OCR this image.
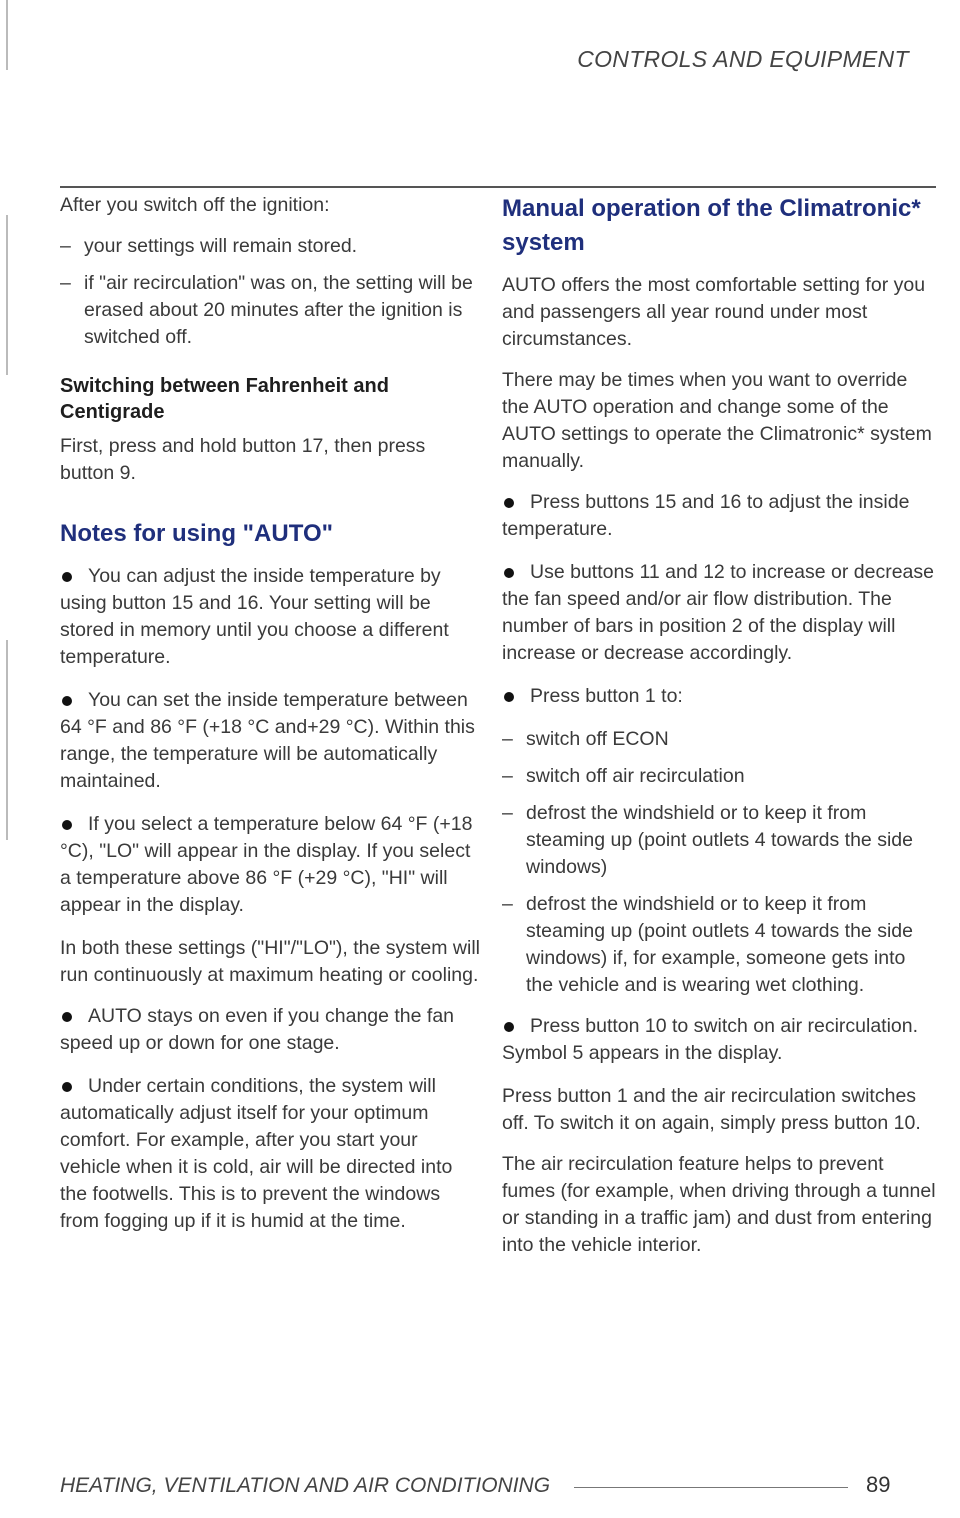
CONTROLS AND EQUIPMENT

After you switch off the ignition:

– your settings will remain stored.
– if "air recirculation" was on, the setting will be erased about 20 minutes after the ignition is switched off.
Switching between Fahrenheit and Centigrade

First, press and hold button 17, then press button 9.

Notes for using "AUTO"
You can adjust the inside temperature by using button 15 and 16. Your setting will be stored in memory until you choose a different temperature.
You can set the inside temperature between 64 °F and 86 °F (+18 °C and+29 °C). Within this range, the temperature will be automatically maintained.
If you select a temperature below 64 °F (+18 °C), "LO" will appear in the display. If you select a temperature above 86 °F (+29 °C), "HI" will appear in the display.

In both these settings ("HI"/"LO"), the system will run continuously at maximum heating or cooling.

AUTO stays on even if you change the fan speed up or down for one stage.
Under certain conditions, the system will automatically adjust itself for your optimum comfort. For example, after you start your vehicle when it is cold, air will be directed into the footwells. This is to prevent the windows from fogging up if it is humid at the time.
Manual operation of the Climatronic* system

AUTO offers the most comfortable setting for you and passengers all year round under most circumstances.

There may be times when you want to override the AUTO operation and change some of the AUTO settings to operate the Climatronic* system manually.

Press buttons 15 and 16 to adjust the inside temperature.
Use buttons 11 and 12 to increase or decrease the fan speed and/or air flow distribution. The number of bars in position 2 of the display will increase or decrease accordingly.
Press button 1 to:
– switch off ECON
– switch off air recirculation
– defrost the windshield or to keep it from steaming up (point outlets 4 towards the side windows)
– defrost the windshield or to keep it from steaming up (point outlets 4 towards the side windows) if, for example, someone gets into the vehicle and is wearing wet clothing.
Press button 10 to switch on air recirculation. Symbol 5 appears in the display.

Press button 1 and the air recirculation switches off. To switch it on again, simply press button 10.

The air recirculation feature helps to prevent fumes (for example, when driving through a tunnel or standing in a traffic jam) and dust from entering into the vehicle interior.

HEATING, VENTILATION AND AIR CONDITIONING	89
